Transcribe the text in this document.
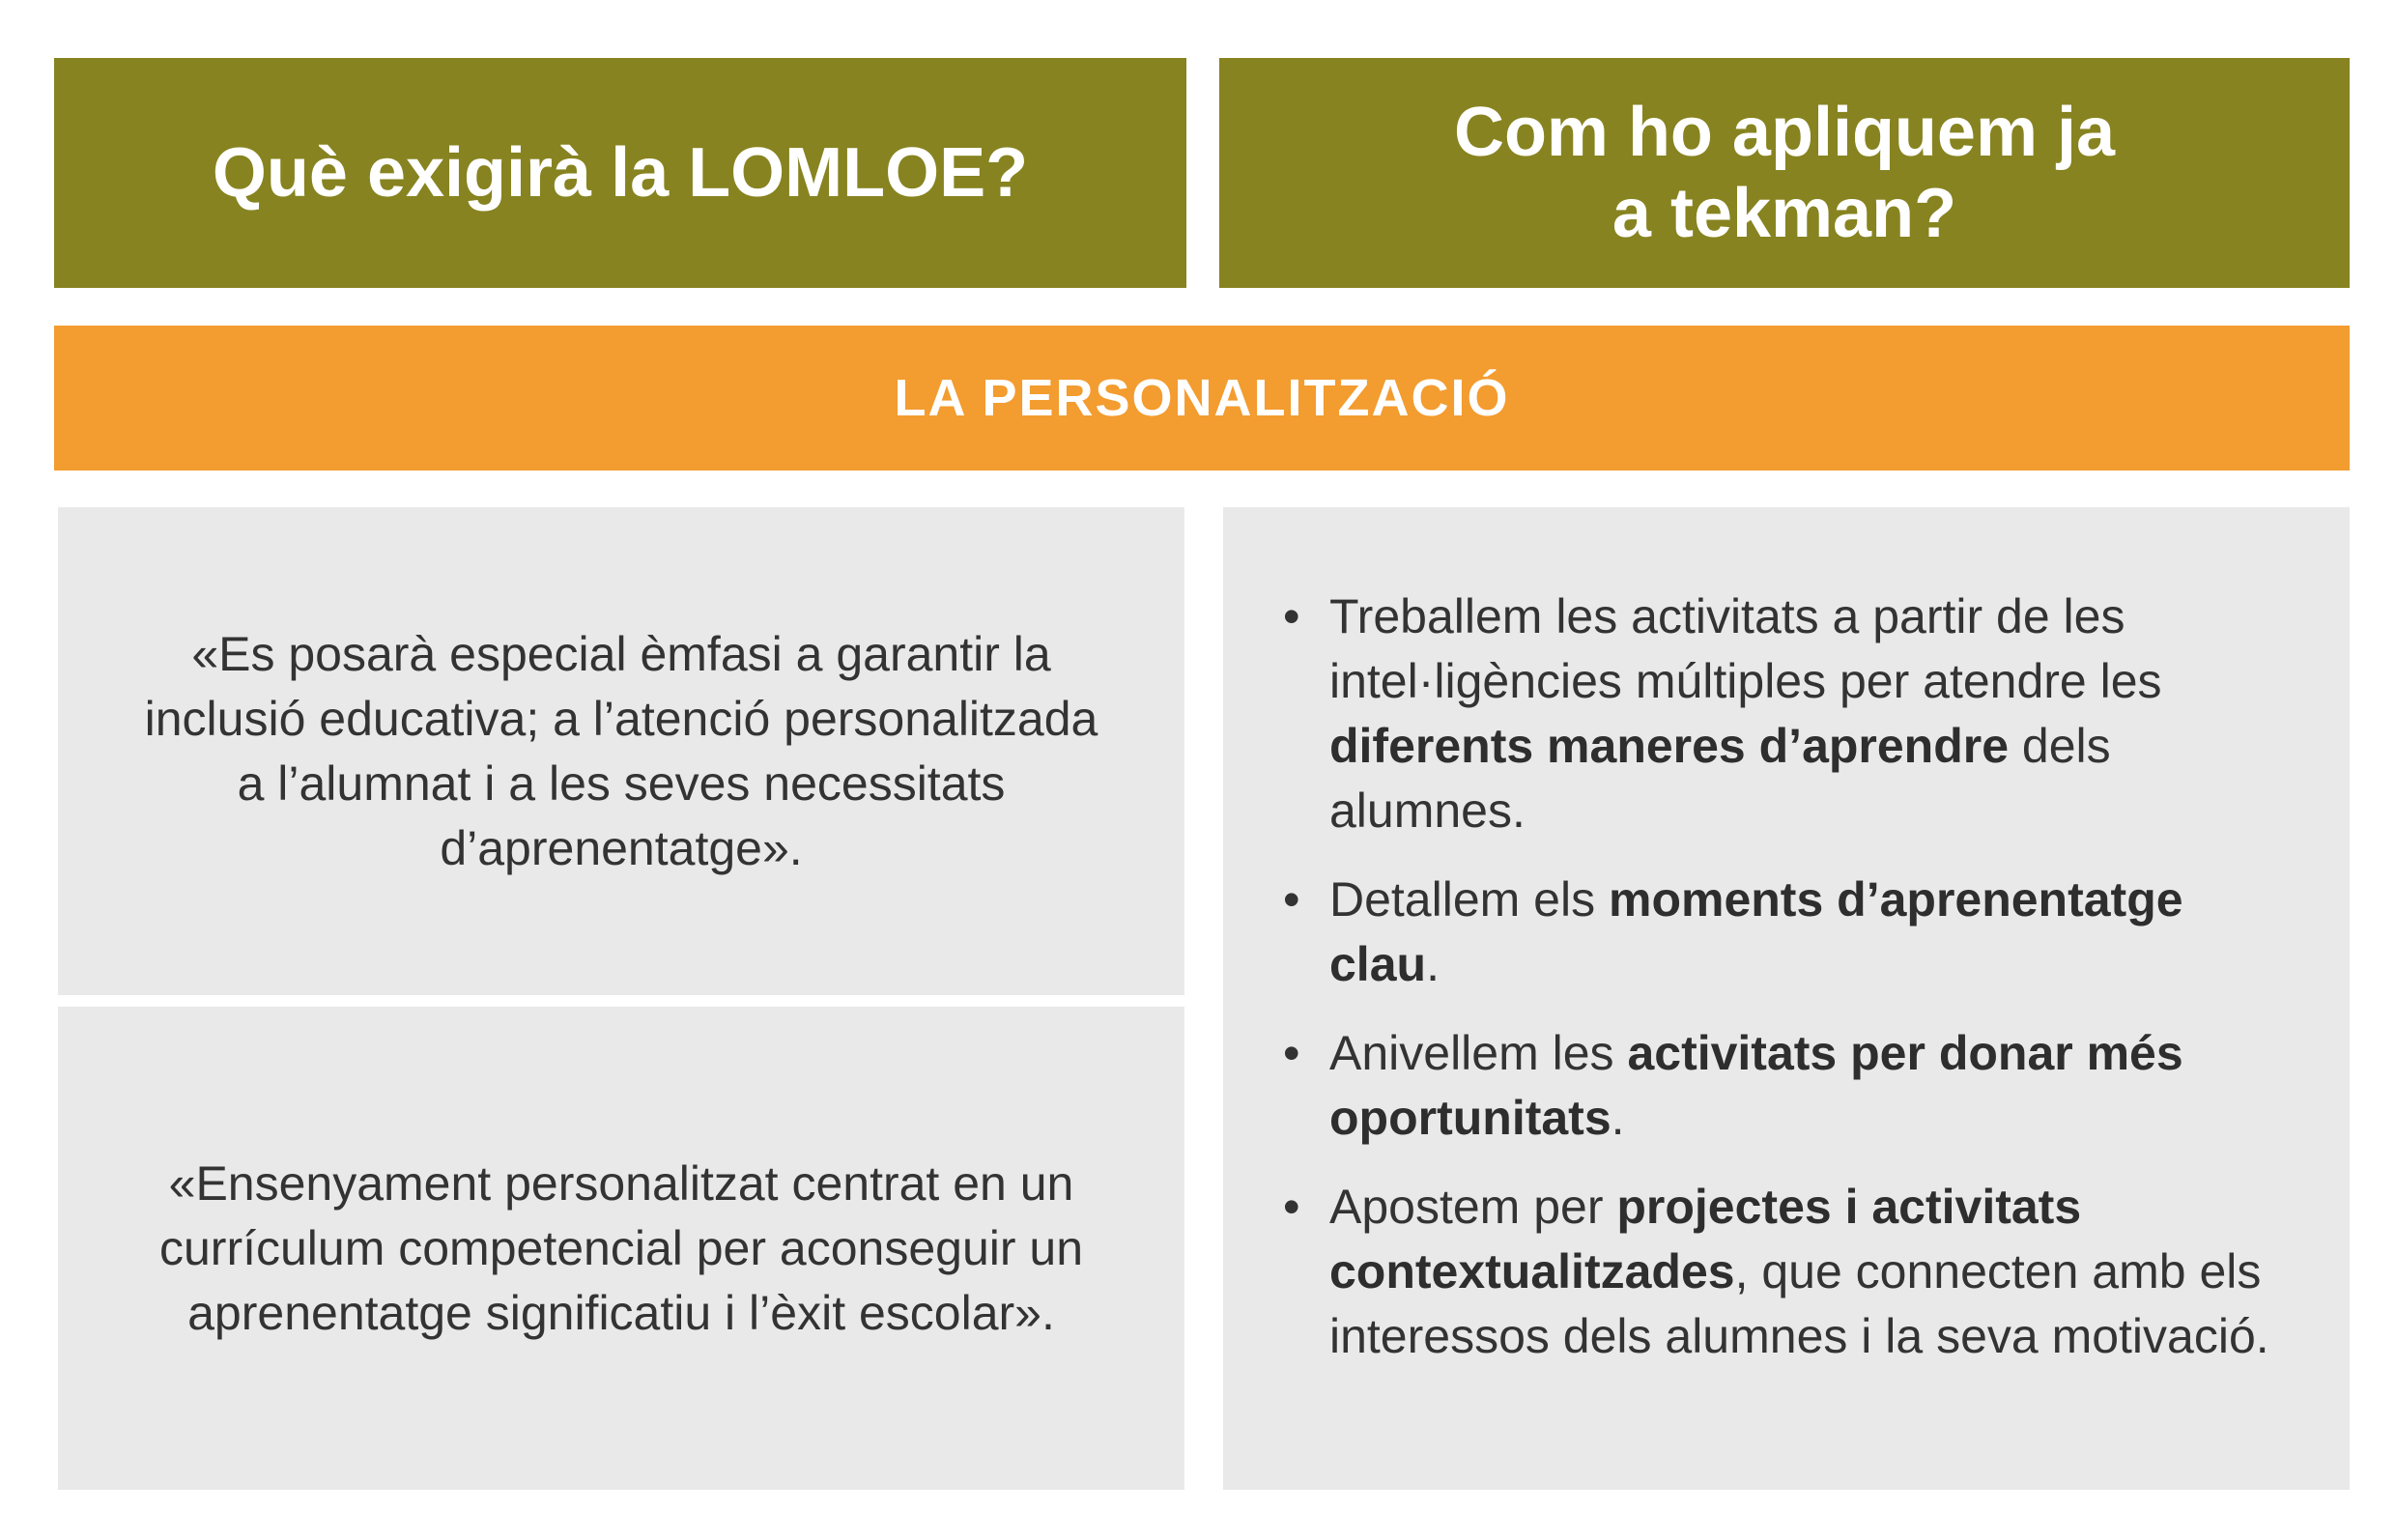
Què exigirà la LOMLOE?
Com ho apliquem ja
a tekman?
LA PERSONALITZACIÓ
«Es posarà especial èmfasi a garantir la inclusió educativa; a l’atenció personalitzada a l’alumnat i a les seves necessitats d’aprenentatge».
«Ensenyament personalitzat centrat en un currículum competencial per aconseguir un aprenentatge significatiu i l’èxit escolar».
• Treballem les activitats a partir de les intel·ligències múltiples per atendre les diferents maneres d’aprendre dels alumnes.
• Detallem els moments d’aprenentatge clau.
• Anivellem les activitats per donar més oportunitats.
• Apostem per projectes i activitats contextualitzades, que connecten amb els interessos dels alumnes i la seva motivació.
